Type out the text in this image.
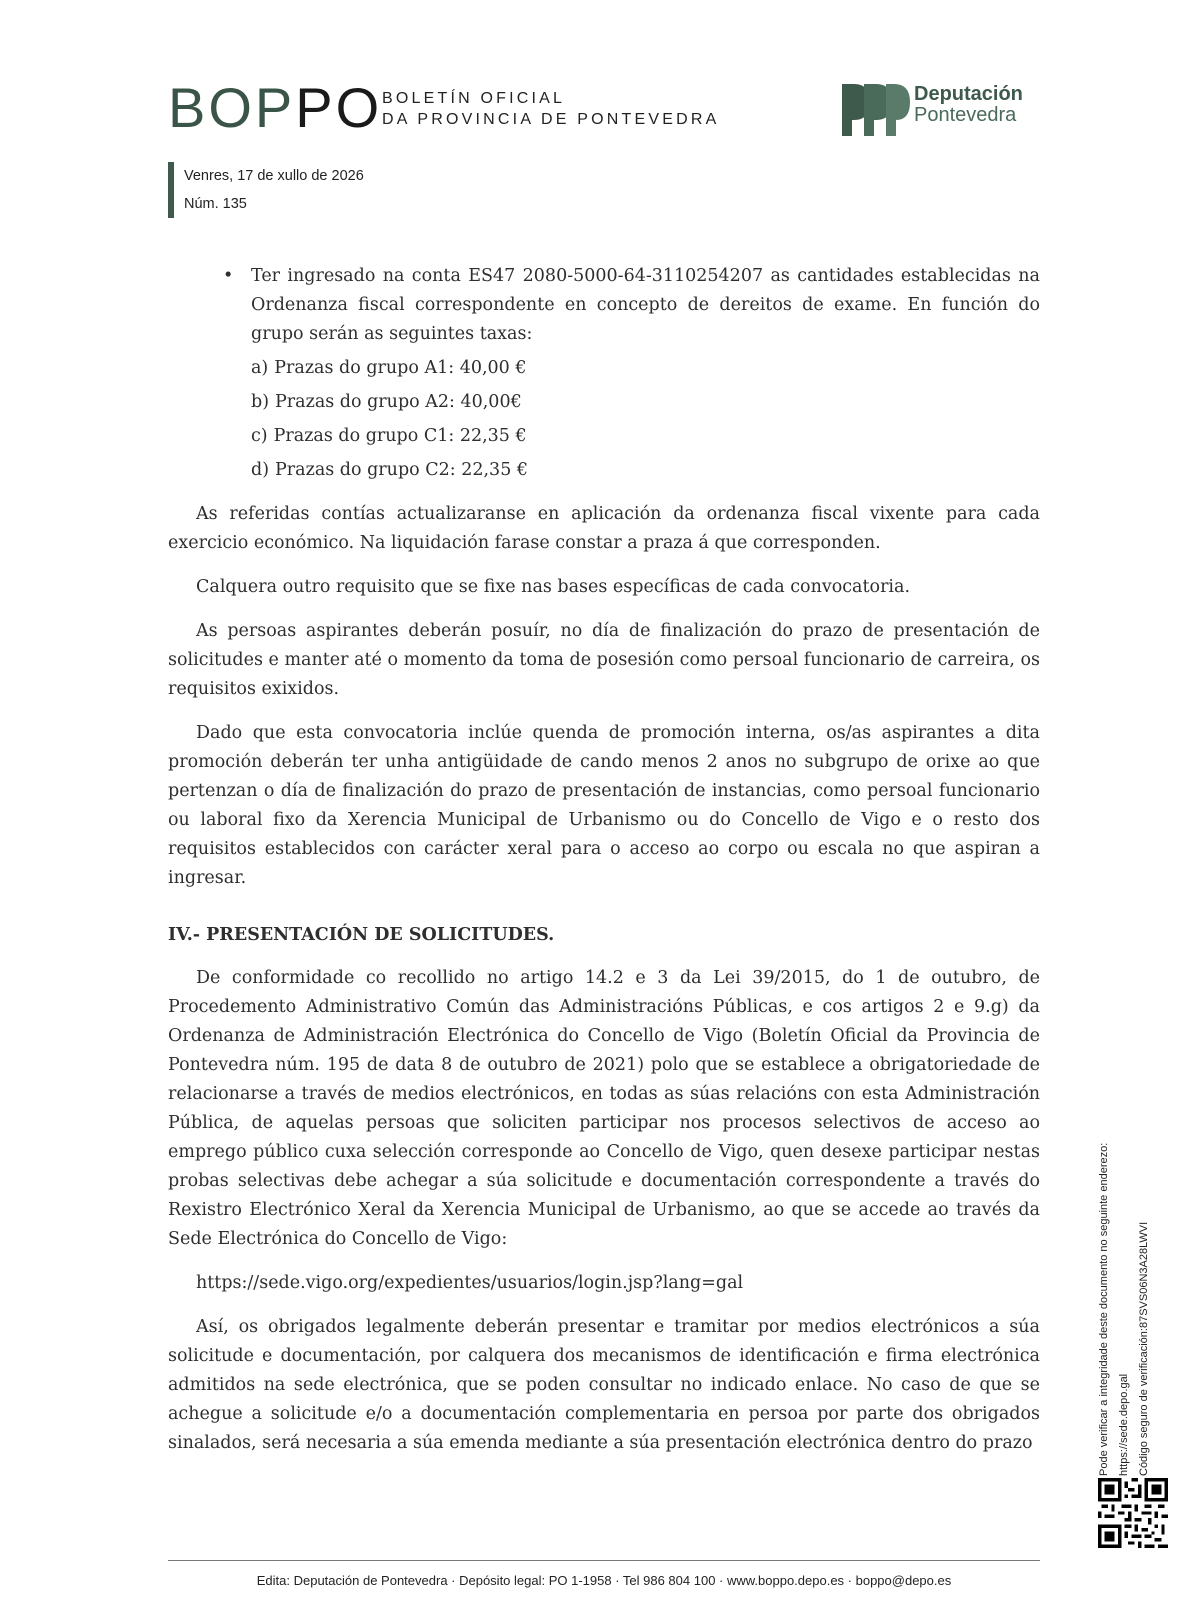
BOPPO BOLETÍN OFICIAL
DA PROVINCIA DE PONTEVEDRA
Deputación
Pontevedra
Venres, 17 de xullo de 2026
Núm. 135
• Ter ingresado na conta ES47 2080-5000-64-3110254207 as cantidades establecidas na Ordenanza fiscal correspondente en concepto de dereitos de exame. En función do grupo serán as seguintes taxas:
a) Prazas do grupo A1: 40,00 €
b) Prazas do grupo A2: 40,00€
c) Prazas do grupo C1: 22,35 €
d) Prazas do grupo C2: 22,35 €

As referidas contías actualizaranse en aplicación da ordenanza fiscal vixente para cada exercicio económico. Na liquidación farase constar a praza á que corresponden.

Calquera outro requisito que se fixe nas bases específicas de cada convocatoria.

As persoas aspirantes deberán posuír, no día de finalización do prazo de presentación de solicitudes e manter até o momento da toma de posesión como persoal funcionario de carreira, os requisitos exixidos.

Dado que esta convocatoria inclúe quenda de promoción interna, os/as aspirantes a dita promoción deberán ter unha antigüidade de cando menos 2 anos no subgrupo de orixe ao que pertenzan o día de finalización do prazo de presentación de instancias, como persoal funcionario ou laboral fixo da Xerencia Municipal de Urbanismo ou do Concello de Vigo e o resto dos requisitos establecidos con carácter xeral para o acceso ao corpo ou escala no que aspiran a ingresar.

IV.- PRESENTACIÓN DE SOLICITUDES.

De conformidade co recollido no artigo 14.2 e 3 da Lei 39/2015, do 1 de outubro, de Procedemento Administrativo Común das Administracións Públicas, e cos artigos 2 e 9.g) da Ordenanza de Administración Electrónica do Concello de Vigo (Boletín Oficial da Provincia de Pontevedra núm. 195 de data 8 de outubro de 2021) polo que se establece a obrigatoriedade de relacionarse a través de medios electrónicos, en todas as súas relacións con esta Administración Pública, de aquelas persoas que soliciten participar nos procesos selectivos de acceso ao emprego público cuxa selección corresponde ao Concello de Vigo, quen desexe participar nestas probas selectivas debe achegar a súa solicitude e documentación correspondente a través do Rexistro Electrónico Xeral da Xerencia Municipal de Urbanismo, ao que se accede ao través da Sede Electrónica do Concello de Vigo:

https://sede.vigo.org/expedientes/usuarios/login.jsp?lang=gal

Así, os obrigados legalmente deberán presentar e tramitar por medios electrónicos a súa solicitude e documentación, por calquera dos mecanismos de identificación e firma electrónica admitidos na sede electrónica, que se poden consultar no indicado enlace. No caso de que se achegue a solicitude e/o a documentación complementaria en persoa por parte dos obrigados sinalados, será necesaria a súa emenda mediante a súa presentación electrónica dentro do prazo	Pode verificar a integridade deste documento no seguinte enderezo: https://sede.depo.gal Código seguro de verificación:87SVS06N3A28LWVI
Edita: Deputación de Pontevedra · Depósito legal: PO 1-1958 · Tel 986 804 100 · www.boppo.depo.es · boppo@depo.es
